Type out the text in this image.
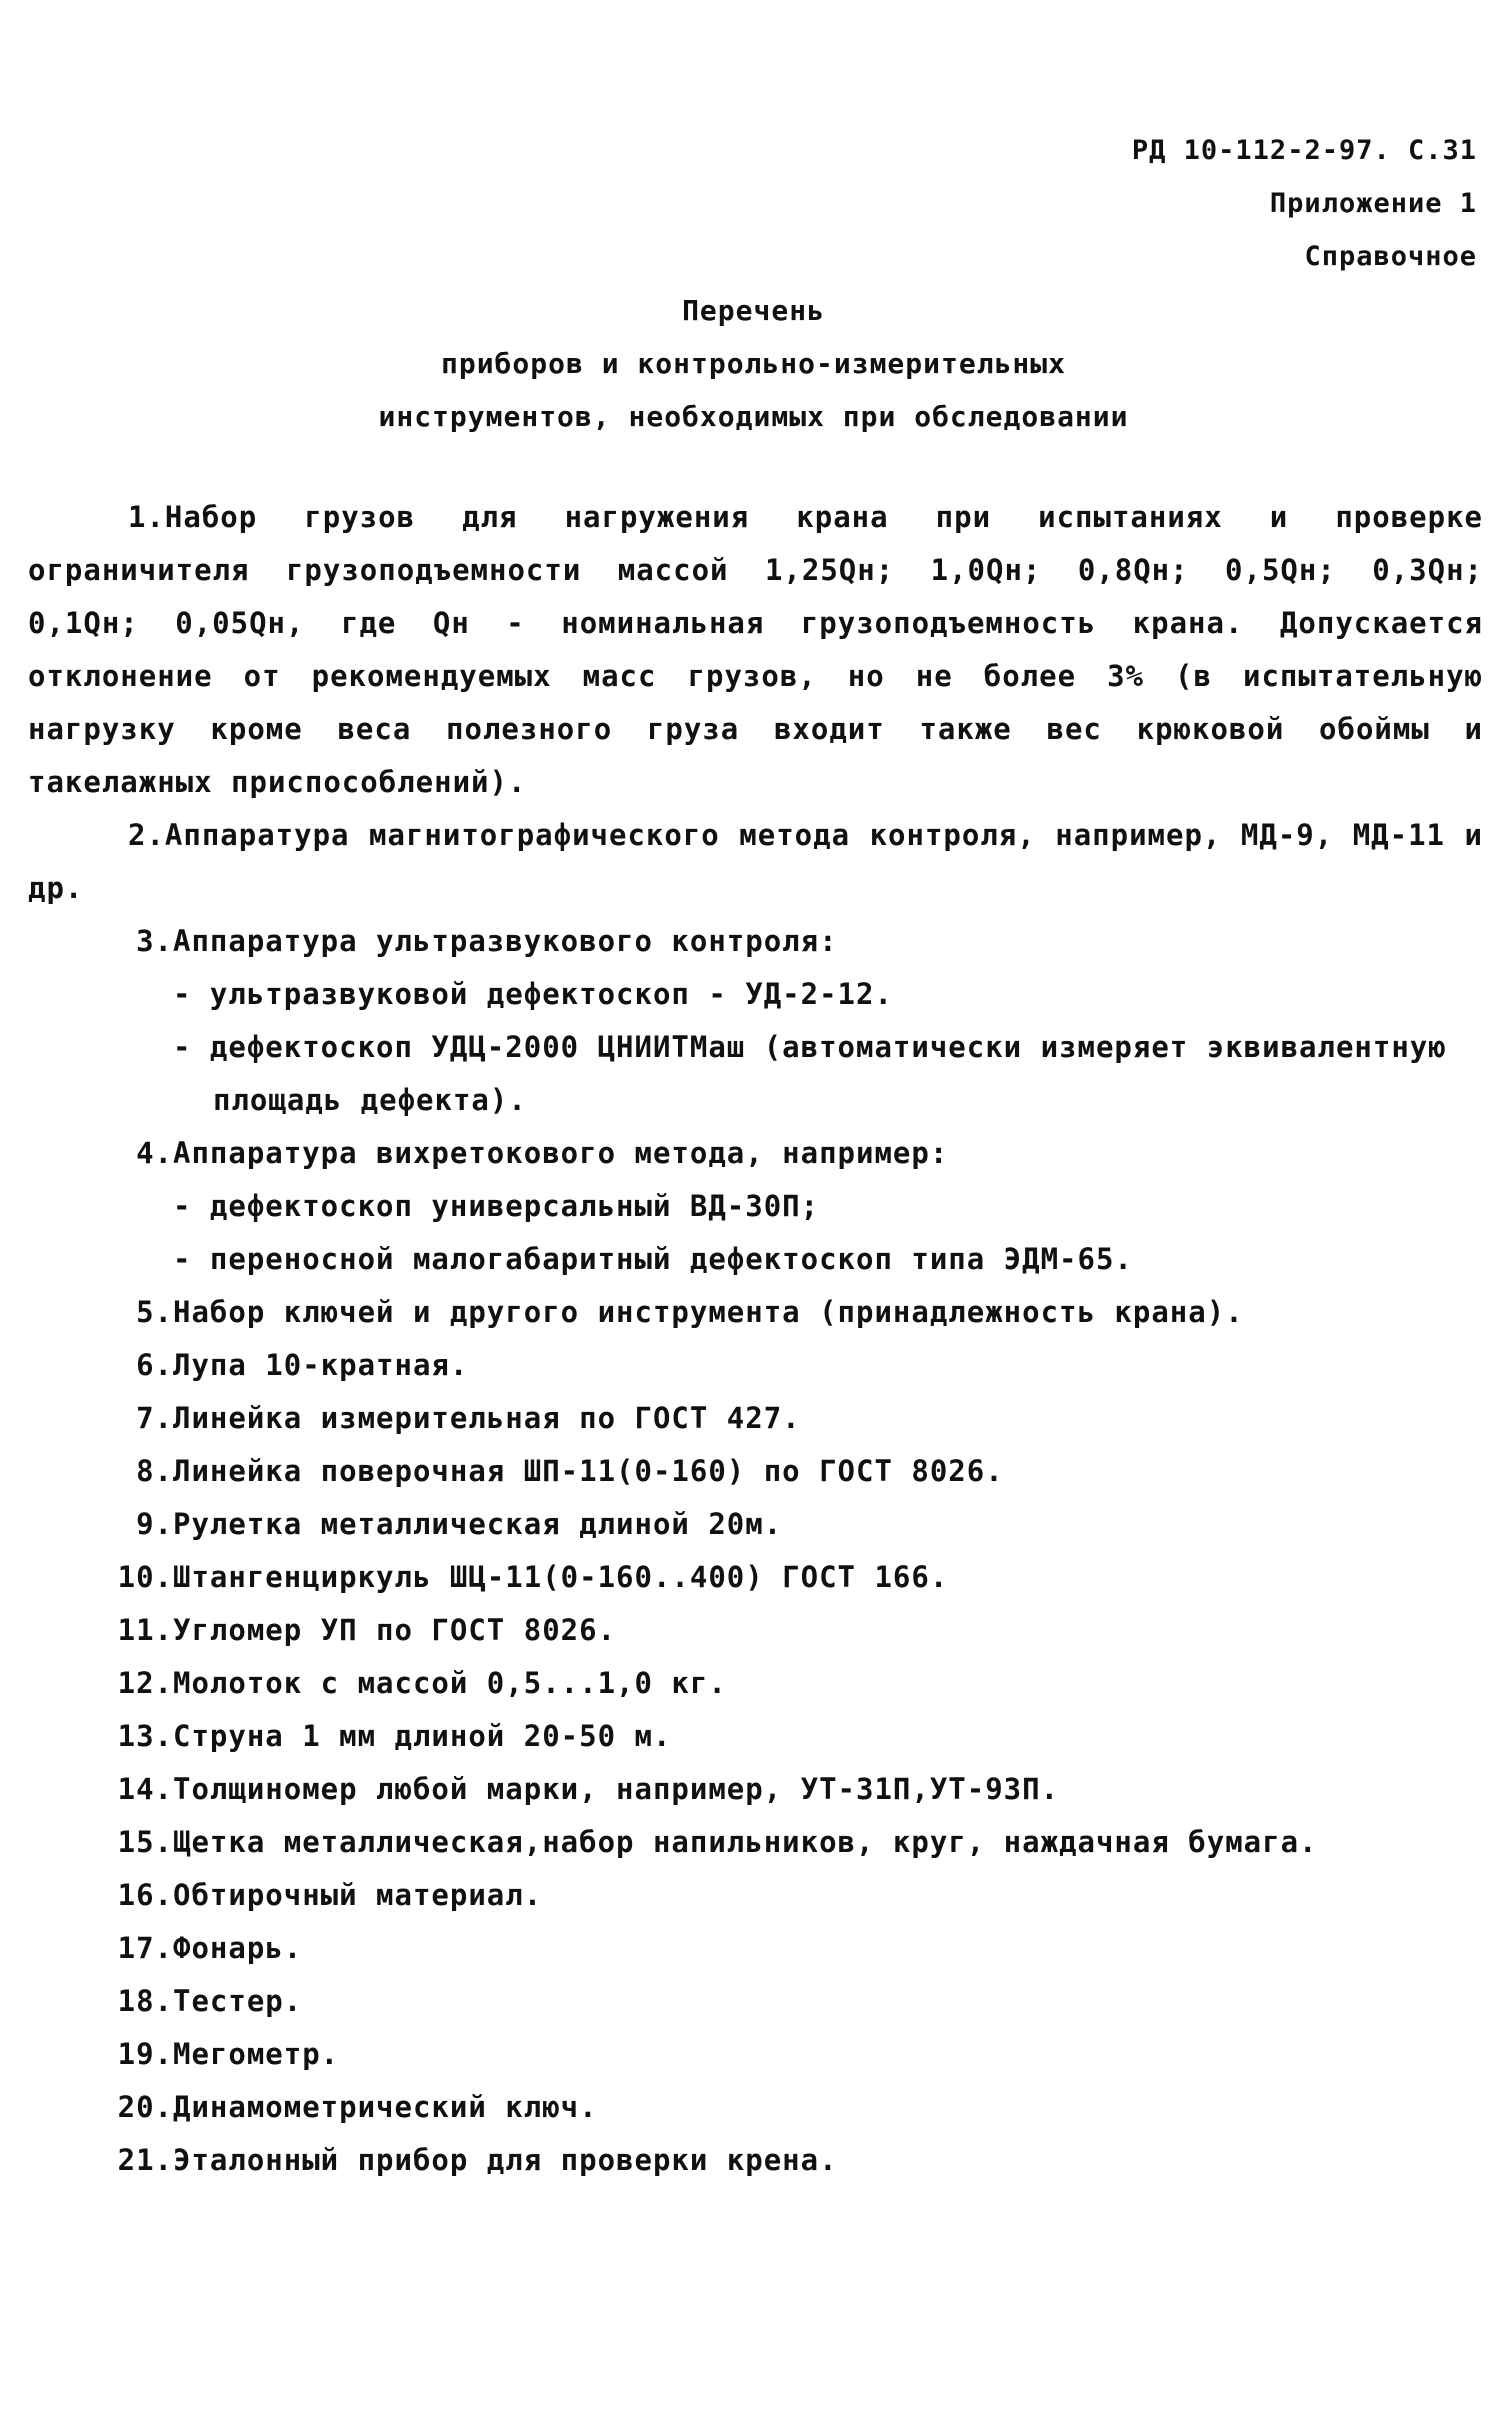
РД 10-112-2-97. С.31
Приложение 1
Справочное
Перечень
приборов и контрольно-измерительных
инструментов, необходимых при обследовании

1.Набор грузов для нагружения крана при испытаниях и проверке ограничителя грузоподъемности массой 1,25Qн; 1,0Qн; 0,8Qн; 0,5Qн; 0,3Qн; 0,1Qн; 0,05Qн, где Qн - номинальная грузоподъемность крана. Допускается отклонение от рекомендуемых масс грузов, но не более 3% (в испытательную нагрузку кроме веса полезного груза входит также вес крюковой обоймы и такелажных приспособлений).

2.Аппаратура магнитографического метода контроля, например, МД-9, МД-11 и др.

3.Аппаратура ультразвукового контроля:

- ультразвуковой дефектоскоп - УД-2-12.

- дефектоскоп УДЦ-2000 ЦНИИТМаш (автоматически измеряет эквивалентную площадь дефекта).

4.Аппаратура вихретокового метода, например:

- дефектоскоп универсальный ВД-30П;

- переносной малогабаритный дефектоскоп типа ЭДМ-65.

5.Набор ключей и другого инструмента (принадлежность крана).

6.Лупа 10-кратная.

7.Линейка измерительная по ГОСТ 427.

8.Линейка поверочная ШП-11(0-160) по ГОСТ 8026.

9.Рулетка металлическая длиной 20м.

10.Штангенциркуль ШЦ-11(0-160..400) ГОСТ 166.

11.Угломер УП по ГОСТ 8026.

12.Молоток с массой 0,5...1,0 кг.

13.Струна 1 мм длиной 20-50 м.

14.Толщиномер любой марки, например, УТ-31П,УТ-93П.

15.Щетка металлическая,набор напильников, круг, наждачная бумага.

16.Обтирочный материал.

17.Фонарь.

18.Тестер.

19.Мегометр.

20.Динамометрический ключ.

21.Эталонный прибор для проверки крена.
